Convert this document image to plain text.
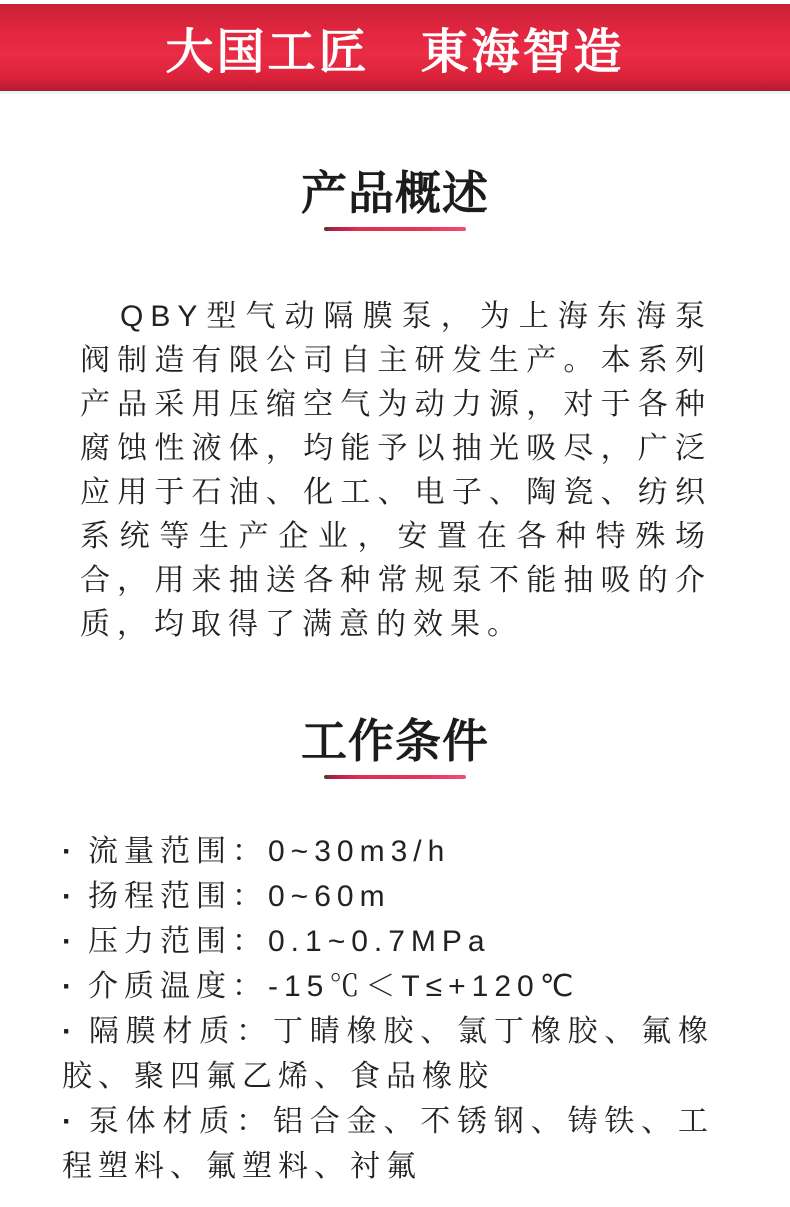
大国工匠　東海智造
产品概述

QBY型气动隔膜泵，为上海东海泵阀制造有限公司自主研发生产。本系列产品采用压缩空气为动力源，对于各种腐蚀性液体，均能予以抽光吸尽，广泛应用于石油、化工、电子、陶瓷、纺织系统等生产企业，安置在各种特殊场合，用来抽送各种常规泵不能抽吸的介质，均取得了满意的效果。

工作条件
· 流量范围：0~30m3/h
· 扬程范围：0~60m
· 压力范围：0.1~0.7MPa
· 介质温度：-15℃＜T≤+120℃
· 隔膜材质：丁睛橡胶、氯丁橡胶、氟橡胶、聚四氟乙烯、食品橡胶
· 泵体材质：铝合金、不锈钢、铸铁、工程塑料、氟塑料、衬氟
